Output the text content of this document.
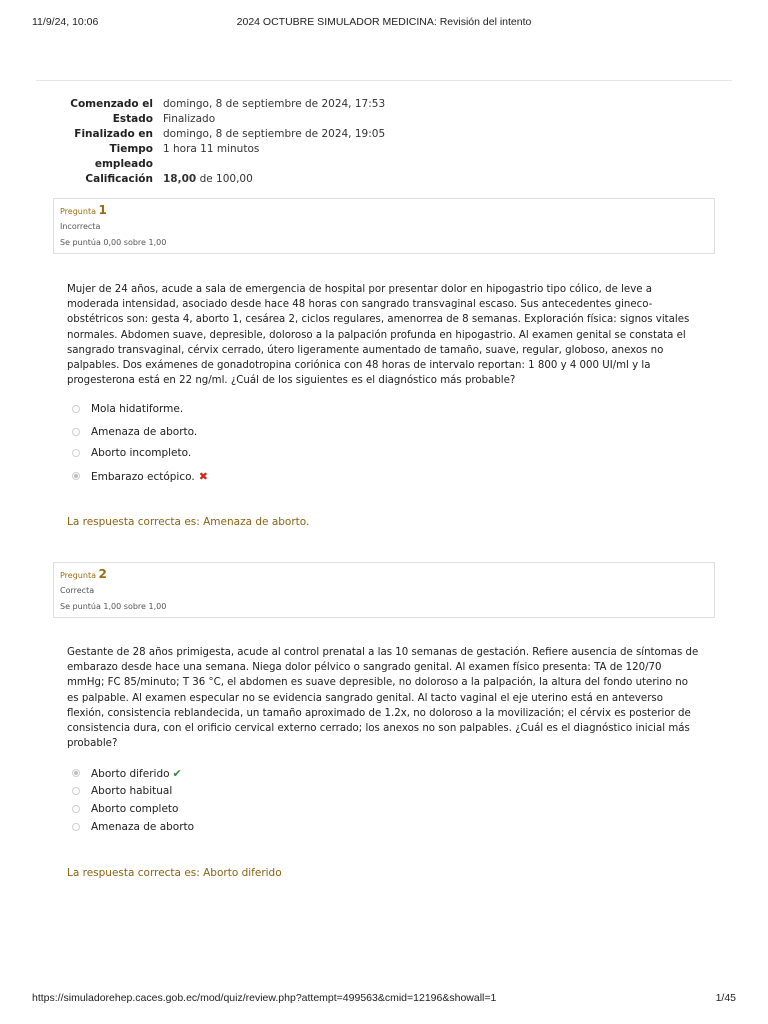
11/9/24, 10:06	2024 OCTUBRE SIMULADOR MEDICINA: Revisión del intento
Comenzado el	domingo, 8 de septiembre de 2024, 17:53
Estado	Finalizado
Finalizado en	domingo, 8 de septiembre de 2024, 19:05
Tiempo
empleado	1 hora 11 minutos
Calificación	18,00 de 100,00
Pregunta 1
Incorrecta
Se puntúa 0,00 sobre 1,00
Mujer de 24 años, acude a sala de emergencia de hospital por presentar dolor en hipogastrio tipo cólico, de leve a moderada intensidad, asociado desde hace 48 horas con sangrado transvaginal escaso. Sus antecedentes gineco-obstétricos son: gesta 4, aborto 1, cesárea 2, ciclos regulares, amenorrea de 8 semanas. Exploración física: signos vitales normales. Abdomen suave, depresible, doloroso a la palpación profunda en hipogastrio. Al examen genital se constata el sangrado transvaginal, cérvix cerrado, útero ligeramente aumentado de tamaño, suave, regular, globoso, anexos no palpables. Dos exámenes de gonadotropina coriónica con 48 horas de intervalo reportan: 1 800 y 4 000 UI/ml y la progesterona está en 22 ng/ml. ¿Cuál de los siguientes es el diagnóstico más probable?
Mola hidatiforme.
Amenaza de aborto.
Aborto incompleto.
Embarazo ectópico. ✖
La respuesta correcta es: Amenaza de aborto.
Pregunta 2
Correcta
Se puntúa 1,00 sobre 1,00
Gestante de 28 años primigesta, acude al control prenatal a las 10 semanas de gestación. Refiere ausencia de síntomas de embarazo desde hace una semana. Niega dolor pélvico o sangrado genital. Al examen físico presenta: TA de 120/70 mmHg; FC 85/minuto; T 36 °C, el abdomen es suave depresible, no doloroso a la palpación, la altura del fondo uterino no es palpable. Al examen especular no se evidencia sangrado genital. Al tacto vaginal el eje uterino está en anteverso flexión, consistencia reblandecida, un tamaño aproximado de 1.2x, no doloroso a la movilización; el cérvix es posterior de consistencia dura, con el orificio cervical externo cerrado; los anexos no son palpables. ¿Cuál es el diagnóstico inicial más probable?
Aborto diferido ✔
Aborto habitual
Aborto completo
Amenaza de aborto
La respuesta correcta es: Aborto diferido
https://simuladorehep.caces.gob.ec/mod/quiz/review.php?attempt=499563&cmid=12196&showall=1	1/45
